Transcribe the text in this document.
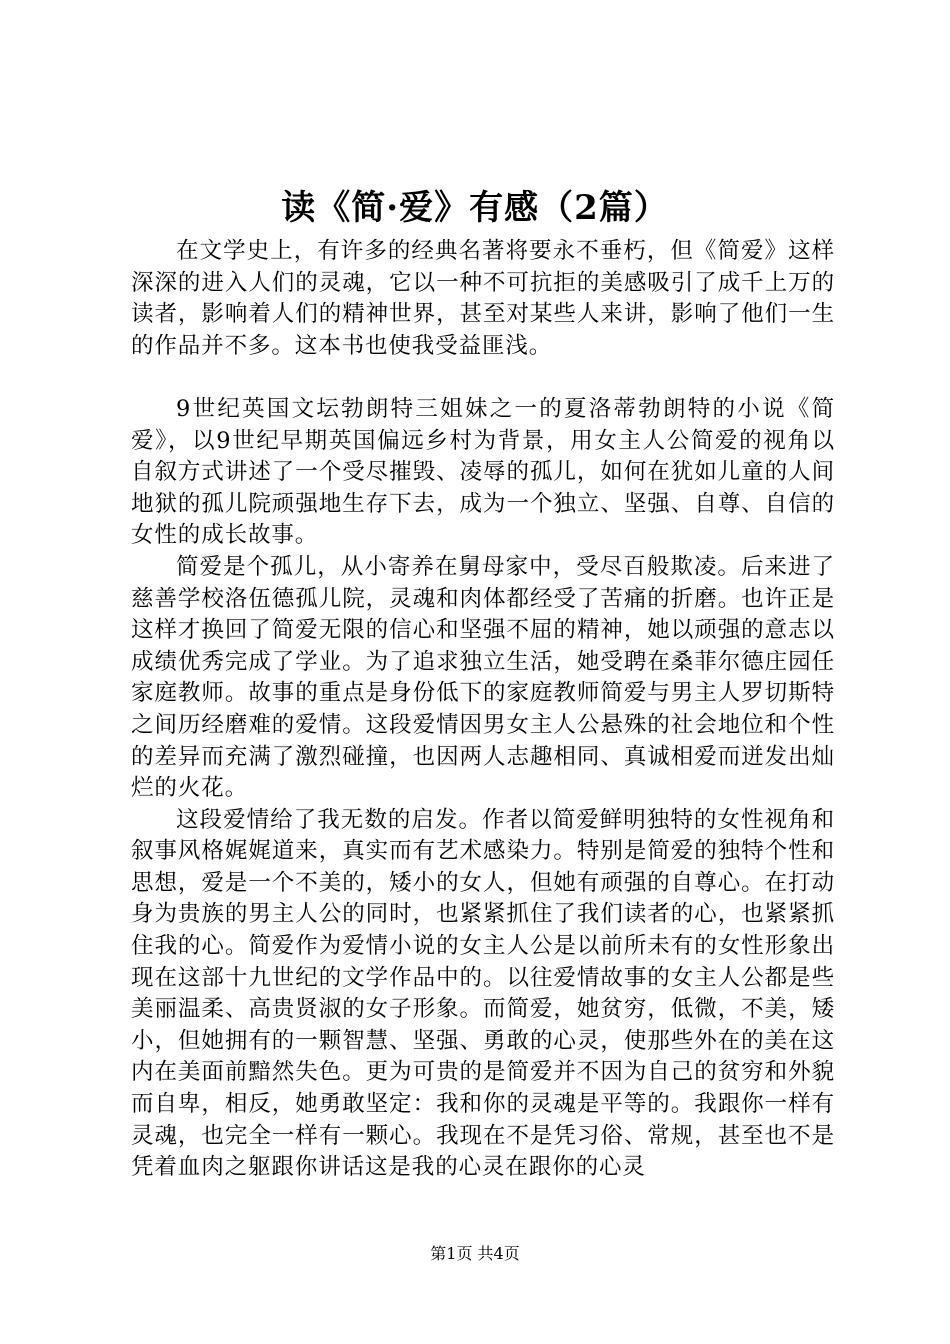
读《简·爱》有感（2篇）

在文学史上，有许多的经典名著将要永不垂朽，但《简爱》这样深深的进入人们的灵魂，它以一种不可抗拒的美感吸引了成千上万的读者，影响着人们的精神世界，甚至对某些人来讲，影响了他们一生的作品并不多。这本书也使我受益匪浅。

9世纪英国文坛勃朗特三姐妹之一的夏洛蒂勃朗特的小说《简爱》，以9世纪早期英国偏远乡村为背景，用女主人公简爱的视角以自叙方式讲述了一个受尽摧毁、凌辱的孤儿，如何在犹如儿童的人间地狱的孤儿院顽强地生存下去，成为一个独立、坚强、自尊、自信的女性的成长故事。

简爱是个孤儿，从小寄养在舅母家中，受尽百般欺凌。后来进了慈善学校洛伍德孤儿院，灵魂和肉体都经受了苦痛的折磨。也许正是这样才换回了简爱无限的信心和坚强不屈的精神，她以顽强的意志以成绩优秀完成了学业。为了追求独立生活，她受聘在桑菲尔德庄园任家庭教师。故事的重点是身份低下的家庭教师简爱与男主人罗切斯特之间历经磨难的爱情。这段爱情因男女主人公悬殊的社会地位和个性的差异而充满了激烈碰撞，也因两人志趣相同、真诚相爱而迸发出灿烂的火花。

这段爱情给了我无数的启发。作者以简爱鲜明独特的女性视角和叙事风格娓娓道来，真实而有艺术感染力。特别是简爱的独特个性和思想，爱是一个不美的，矮小的女人，但她有顽强的自尊心。在打动身为贵族的男主人公的同时，也紧紧抓住了我们读者的心，也紧紧抓住我的心。简爱作为爱情小说的女主人公是以前所未有的女性形象出现在这部十九世纪的文学作品中的。以往爱情故事的女主人公都是些美丽温柔、高贵贤淑的女子形象。而简爱，她贫穷，低微，不美，矮小，但她拥有的一颗智慧、坚强、勇敢的心灵，使那些外在的美在这内在美面前黯然失色。更为可贵的是简爱并不因为自己的贫穷和外貌而自卑，相反，她勇敢坚定：我和你的灵魂是平等的。我跟你一样有灵魂，也完全一样有一颗心。我现在不是凭习俗、常规，甚至也不是凭着血肉之躯跟你讲话这是我的心灵在跟你的心灵

第1页 共4页
